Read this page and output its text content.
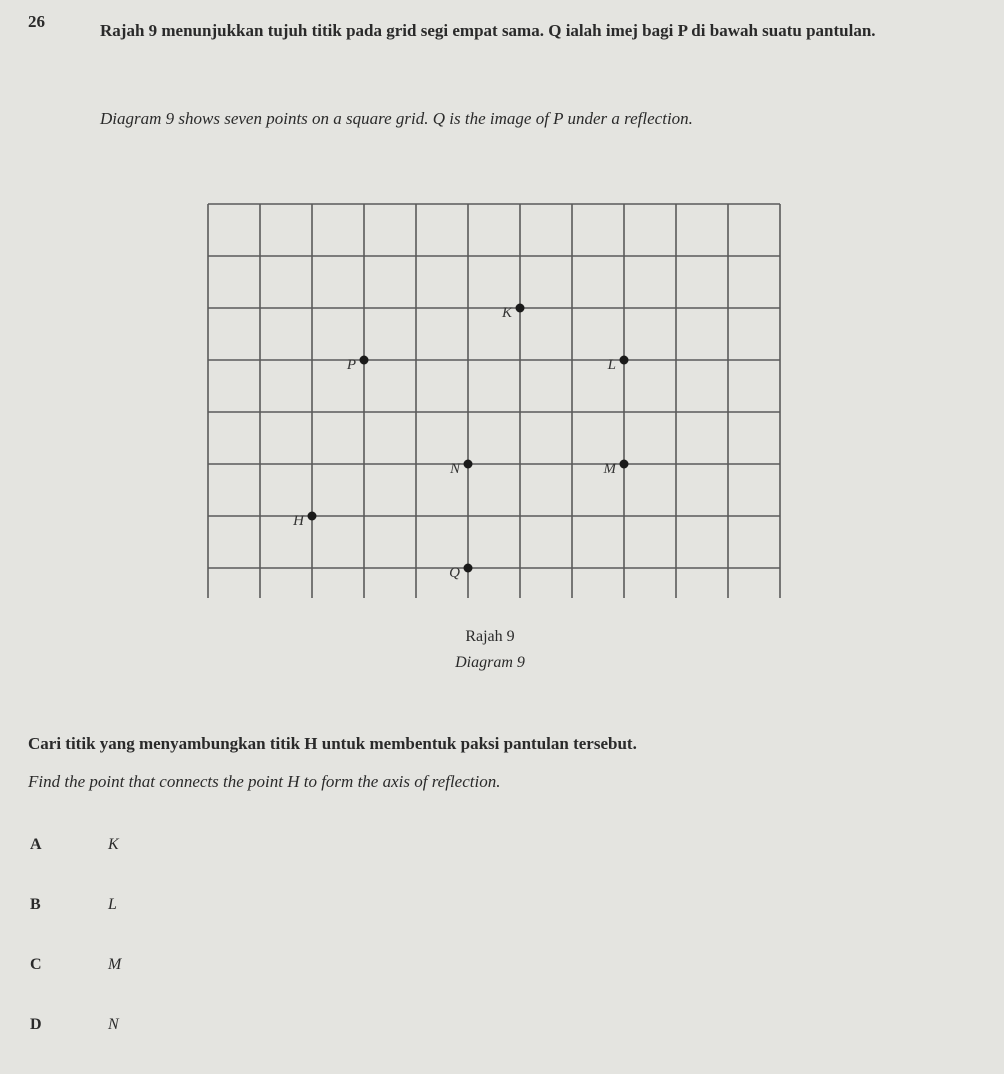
26	Rajah 9 menunjukkan tujuh titik pada grid segi empat sama. Q ialah imej bagi P di bawah suatu pantulan.
Diagram 9 shows seven points on a square grid. Q is the image of P under a reflection.
K
P	L
N	M
H
Q
Rajah 9
Diagram 9
Cari titik yang menyambungkan titik H untuk membentuk paksi pantulan tersebut.
Find the point that connects the point H to form the axis of reflection.
A	K
B	L
C	M
D	N
